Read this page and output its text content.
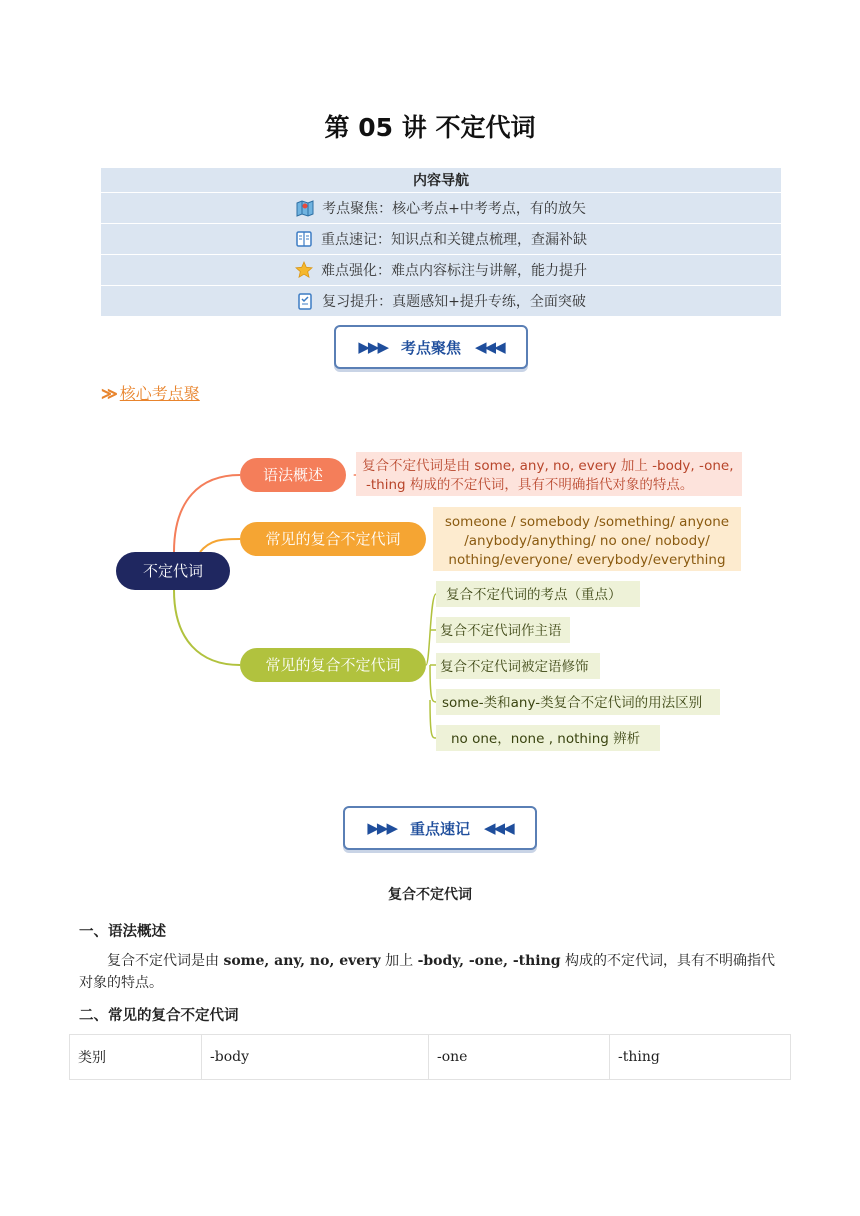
第 05 讲 不定代词
内容导航
考点聚焦：核心考点+中考考点，有的放矢
重点速记：知识点和关键点梳理，查漏补缺
难点强化：难点内容标注与讲解，能力提升
复习提升：真题感知+提升专练，全面突破
▶▶▶ 考点聚焦 ◀◀◀
≫ 核心考点聚
不定代词
语法概述
常见的复合不定代词
常见的复合不定代词
复合不定代词是由 some, any, no, every 加上 -body, -one,
-thing 构成的不定代词，具有不明确指代对象的特点。
someone / somebody /something/ anyone
/anybody/anything/ no one/ nobody/
nothing/everyone/ everybody/everything
复合不定代词的考点（重点）
复合不定代词作主语
复合不定代词被定语修饰
some-类和any-类复合不定代词的用法区别
no one，none , nothing 辨析
▶▶▶ 重点速记 ◀◀◀
复合不定代词
一、语法概述
复合不定代词是由 some, any, no, every 加上 -body, -one, -thing 构成的不定代词，具有不明确指代对象的特点。
二、常见的复合不定代词
类别	-body	-one	-thing
